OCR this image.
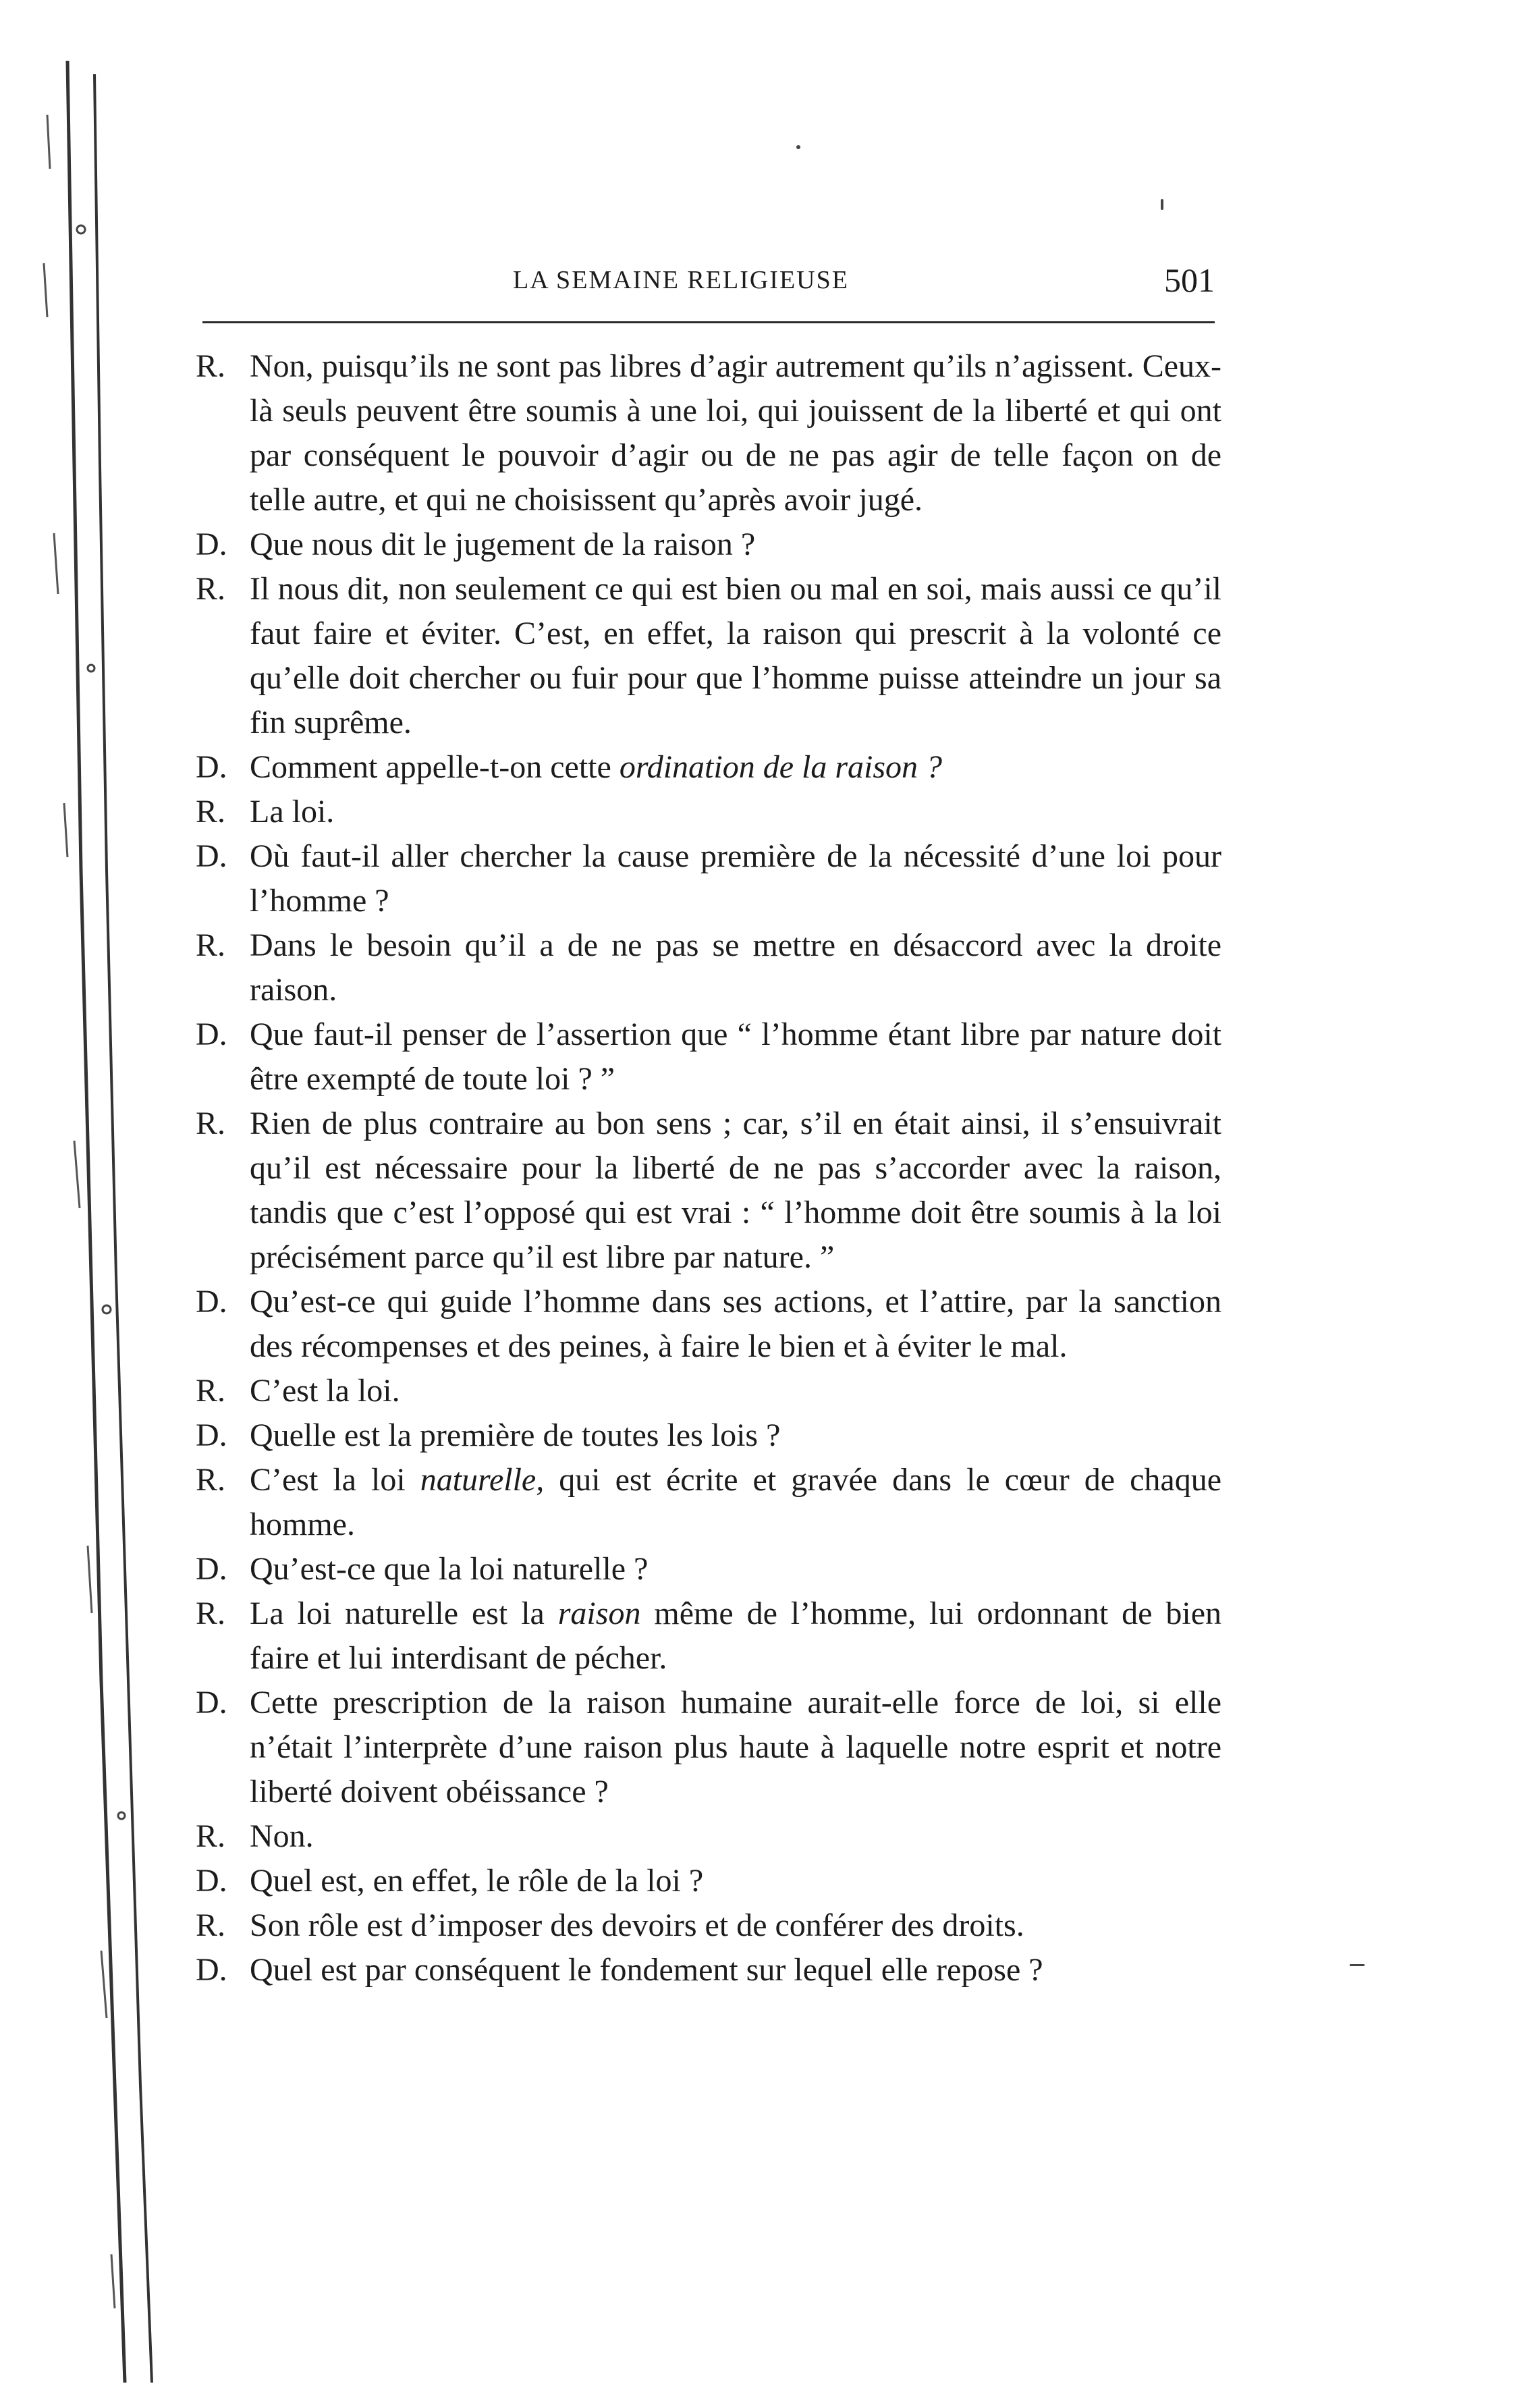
LA SEMAINE RELIGIEUSE	501
R. Non, puisqu’ils ne sont pas libres d’agir autrement qu’ils n’agissent. Ceux-là seuls peuvent être soumis à une loi, qui jouissent de la liberté et qui ont par conséquent le pouvoir d’agir ou de ne pas agir de telle façon on de telle autre, et qui ne choisissent qu’après avoir jugé.
D. Que nous dit le jugement de la raison ?
R. Il nous dit, non seulement ce qui est bien ou mal en soi, mais aussi ce qu’il faut faire et éviter. C’est, en effet, la raison qui prescrit à la volonté ce qu’elle doit chercher ou fuir pour que l’homme puisse atteindre un jour sa fin suprême.
D. Comment appelle-t-on cette ordination de la raison ?
R. La loi.
D. Où faut-il aller chercher la cause première de la nécessité d’une loi pour l’homme ?
R. Dans le besoin qu’il a de ne pas se mettre en désaccord avec la droite raison.
D. Que faut-il penser de l’assertion que “ l’homme étant libre par nature doit être exempté de toute loi ? ”
R. Rien de plus contraire au bon sens ; car, s’il en était ainsi, il s’ensuivrait qu’il est nécessaire pour la liberté de ne pas s’accorder avec la raison, tandis que c’est l’opposé qui est vrai : “ l’homme doit être soumis à la loi précisément parce qu’il est libre par nature. ”
D. Qu’est-ce qui guide l’homme dans ses actions, et l’attire, par la sanction des récompenses et des peines, à faire le bien et à éviter le mal.
R. C’est la loi.
D. Quelle est la première de toutes les lois ?
R. C’est la loi naturelle, qui est écrite et gravée dans le cœur de chaque homme.
D. Qu’est-ce que la loi naturelle ?
R. La loi naturelle est la raison même de l’homme, lui ordonnant de bien faire et lui interdisant de pécher.
D. Cette prescription de la raison humaine aurait-elle force de loi, si elle n’était l’interprète d’une raison plus haute à laquelle notre esprit et notre liberté doivent obéissance ?
R. Non.
D. Quel est, en effet, le rôle de la loi ?
R. Son rôle est d’imposer des devoirs et de conférer des droits.
D. Quel est par conséquent le fondement sur lequel elle repose ?
